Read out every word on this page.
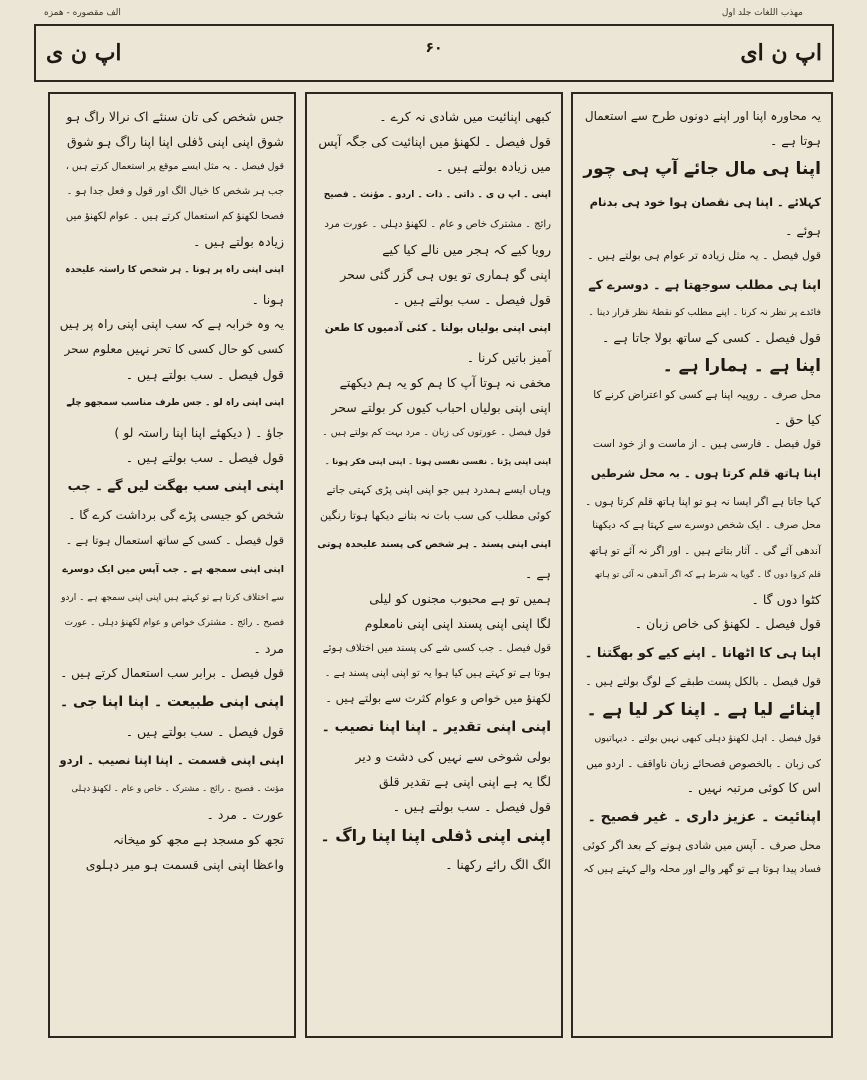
الف مقصوره - همزه	مهذب اللغات جلد اول
اپ ن ی	۶۰	اپ ن ای
یہ محاورہ اپنا اور اپنے دونوں طرح سے استعمال
ہوتا ہے ۔
اپنا ہی مال جائے آپ ہی چور
کہلائے ۔ اپنا ہی نقصان ہوا خود ہی بدنام
ہوئے ۔
قول فیصل ۔ یہ مثل زیادہ تر عوام ہی بولتے ہیں ۔
اپنا ہی مطلب سوجھتا ہے ۔ دوسرے کے
فائدے پر نظر نہ کرنا ۔ اپنے مطلب کو نقطۂ نظر قرار دینا ۔
قول فیصل ۔ کسی کے ساتھ بولا جاتا ہے ۔
اپنا ہے ۔ ہمارا ہے ۔
محل صرف ۔ روپیہ اپنا ہے کسی کو اعتراض کرنے کا
کیا حق ۔
قول فیصل ۔ فارسی ہیں ۔ از ماست و از خود است
اپنا ہاتھ قلم کرتا ہوں ۔ بہ محل شرطیں
کہا جاتا ہے اگر ایسا نہ ہو تو اپنا ہاتھ قلم کرتا ہوں ۔
محل صرف ۔ ایک شخص دوسرے سے کہتا ہے کہ دیکھنا
آندھی آئے گی ۔ آثار بتاتے ہیں ۔ اور اگر نہ آئے تو ہاتھ
قلم کروا دوں گا ۔ گویا یہ شرط ہے کہ اگر آندھی نہ آئی تو ہاتھ
کٹوا دوں گا ۔
قول فیصل ۔ لکھنؤ کی خاص زبان ۔
اپنا ہی کا اٹھانا ۔ اپنے کیے کو بھگتنا ۔
قول فیصل ۔ بالکل پست طبقے کے لوگ بولتے ہیں ۔
اپنائے لیا ہے ۔ اپنا کر لیا ہے ۔
قول فیصل ۔ اہل لکھنؤ دہلی کبھی نہیں بولتے ۔ دیہاتیوں
کی زبان ۔ بالخصوص فصحائے زبان ناواقف ۔ اردو میں
اس کا کوئی مرتبہ نہیں ۔
اپنائیت ۔ عزیز داری ۔ غیر فصیح ۔
محل صرف ۔ آپس میں شادی ہونے کے بعد اگر کوئی
فساد پیدا ہوتا ہے تو گھر والے اور محلہ والے کہتے ہیں کہ
کبھی اپنائیت میں شادی نہ کرے ۔
قول فیصل ۔ لکھنؤ میں اپنائیت کی جگہ آپس
میں زیادہ بولتے ہیں ۔
اپنی ۔ اپ ن ی ۔ ذاتی ۔ ذات ۔ اردو ۔ مؤنث ۔ فصیح
رائج ۔ مشترک خاص و عام ۔ لکھنؤ دہلی ۔ عورت مرد
رویا کیے کہ ہجر میں نالے کیا کیے
اپنی گو ہماری تو یوں ہی گزر گئی سحر
قول فیصل ۔ سب بولتے ہیں ۔
اپنی اپنی بولیاں بولنا ۔ کئی آدمیوں کا طعن
آمیز باتیں کرنا ۔
مخفی نہ ہوتا آپ کا ہم کو یہ ہم دیکھتے
اپنی اپنی بولیاں احباب کیوں کر بولتے سحر
قول فیصل ۔ عورتوں کی زبان ۔ مرد بہت کم بولتے ہیں ۔
اپنی اپنی پڑنا ۔ نفسی نفسی ہونا ۔ اپنی اپنی فکر ہونا ۔
وہاں ایسے ہمدرد ہیں جو اپنی اپنی پڑی کہتی جاتے
کوئی مطلب کی سب بات نہ بتانے دیکھا ہوتا رنگین
اپنی اپنی پسند ۔ ہر شخص کی پسند علیحدہ ہوتی
ہے ۔
ہمیں تو ہے محبوب مجنوں کو لیلی
لگا اپنی اپنی پسند اپنی اپنی نامعلوم
قول فیصل ۔ جب کسی شے کی پسند میں اختلاف ہوئے
ہوتا ہے تو کہتے ہیں کیا ہوا یہ تو اپنی اپنی پسند ہے ۔
لکھنؤ میں خواص و عوام کثرت سے بولتے ہیں ۔
اپنی اپنی تقدیر ۔ اپنا اپنا نصیب ۔
بولی شوخی سے نہیں کی دشت و دیر
لگا یہ ہے اپنی اپنی ہے تقدیر قلق
قول فیصل ۔ سب بولتے ہیں ۔
اپنی اپنی ڈفلی اپنا اپنا راگ ۔
الگ الگ رائے رکھنا ۔
جس شخص کی تان سنئے اک نرالا راگ ہو
شوق اپنی اپنی ڈفلی اپنا اپنا راگ ہو شوق
قول فیصل ۔ یہ مثل ایسے موقع پر استعمال کرتے ہیں ،
جب ہر شخص کا خیال الگ اور قول و فعل جدا ہو ۔
فصحا لکھنؤ کم استعمال کرتے ہیں ۔ عوام لکھنؤ میں
زیادہ بولتے ہیں ۔
اپنی اپنی راہ پر ہونا ۔ ہر شخص کا راستہ علیحدہ
ہونا ۔
یہ وہ خرابہ ہے کہ سب اپنی اپنی راہ پر ہیں
کسی کو حال کسی کا تحر نہیں معلوم سحر
قول فیصل ۔ سب بولتے ہیں ۔
اپنی اپنی راہ لو ۔ جس طرف مناسب سمجھو چلے
جاؤ ۔ ( دیکھئے اپنا اپنا راستہ لو )
قول فیصل ۔ سب بولتے ہیں ۔
اپنی اپنی سب بھگت لیں گے ۔ جب
شخص کو جیسی پڑے گی برداشت کرے گا ۔
قول فیصل ۔ کسی کے ساتھ استعمال ہوتا ہے ۔
اپنی اپنی سمجھ ہے ۔ جب آپس میں ایک دوسرے
سے اختلاف کرتا ہے تو کہتے ہیں اپنی اپنی سمجھ ہے ۔ اردو
فصیح ۔ رائج ۔ مشترک خواص و عوام لکھنؤ دہلی ۔ عورت
مرد ۔
قول فیصل ۔ برابر سب استعمال کرتے ہیں ۔
اپنی اپنی طبیعت ۔ اپنا اپنا جی ۔
قول فیصل ۔ سب بولتے ہیں ۔
اپنی اپنی قسمت ۔ اپنا اپنا نصیب ۔ اردو
مؤنث ۔ فصیح ۔ رائج ۔ مشترک ۔ خاص و عام ۔ لکھنؤ دہلی
عورت ۔ مرد ۔
تجھ کو مسجد ہے مجھ کو میخانہ
واعظا اپنی اپنی قسمت ہو میر دہلوی
